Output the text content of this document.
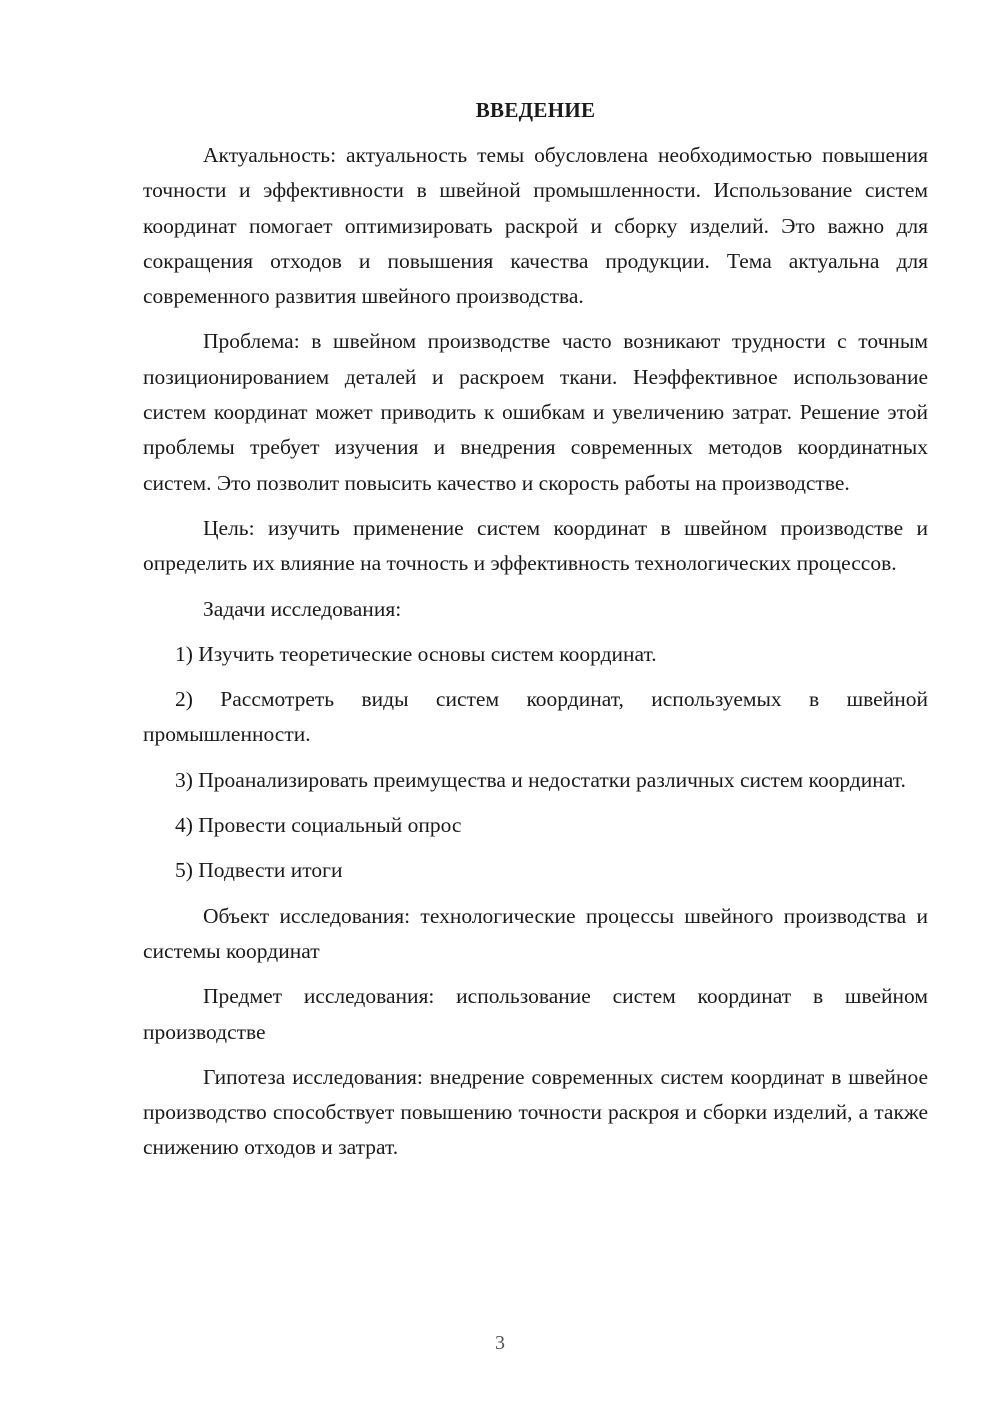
ВВЕДЕНИЕ

Актуальность: актуальность темы обусловлена необходимостью повышения точности и эффективности в швейной промышленности. Использование систем координат помогает оптимизировать раскрой и сборку изделий. Это важно для сокращения отходов и повышения качества продукции. Тема актуальна для современного развития швейного производства.

Проблема: в швейном производстве часто возникают трудности с точным позиционированием деталей и раскроем ткани. Неэффективное использование систем координат может приводить к ошибкам и увеличению затрат. Решение этой проблемы требует изучения и внедрения современных методов координатных систем. Это позволит повысить качество и скорость работы на производстве.

Цель: изучить применение систем координат в швейном производстве и определить их влияние на точность и эффективность технологических процессов.

Задачи исследования:

1) Изучить теоретические основы систем координат.

2) Рассмотреть виды систем координат, используемых в швейной промышленности.

3) Проанализировать преимущества и недостатки различных систем координат.

4) Провести социальный опрос

5) Подвести итоги

Объект исследования: технологические процессы швейного производства и системы координат

Предмет исследования: использование систем координат в швейном производстве

Гипотеза исследования: внедрение современных систем координат в швейное производство способствует повышению точности раскроя и сборки изделий, а также снижению отходов и затрат.

3
